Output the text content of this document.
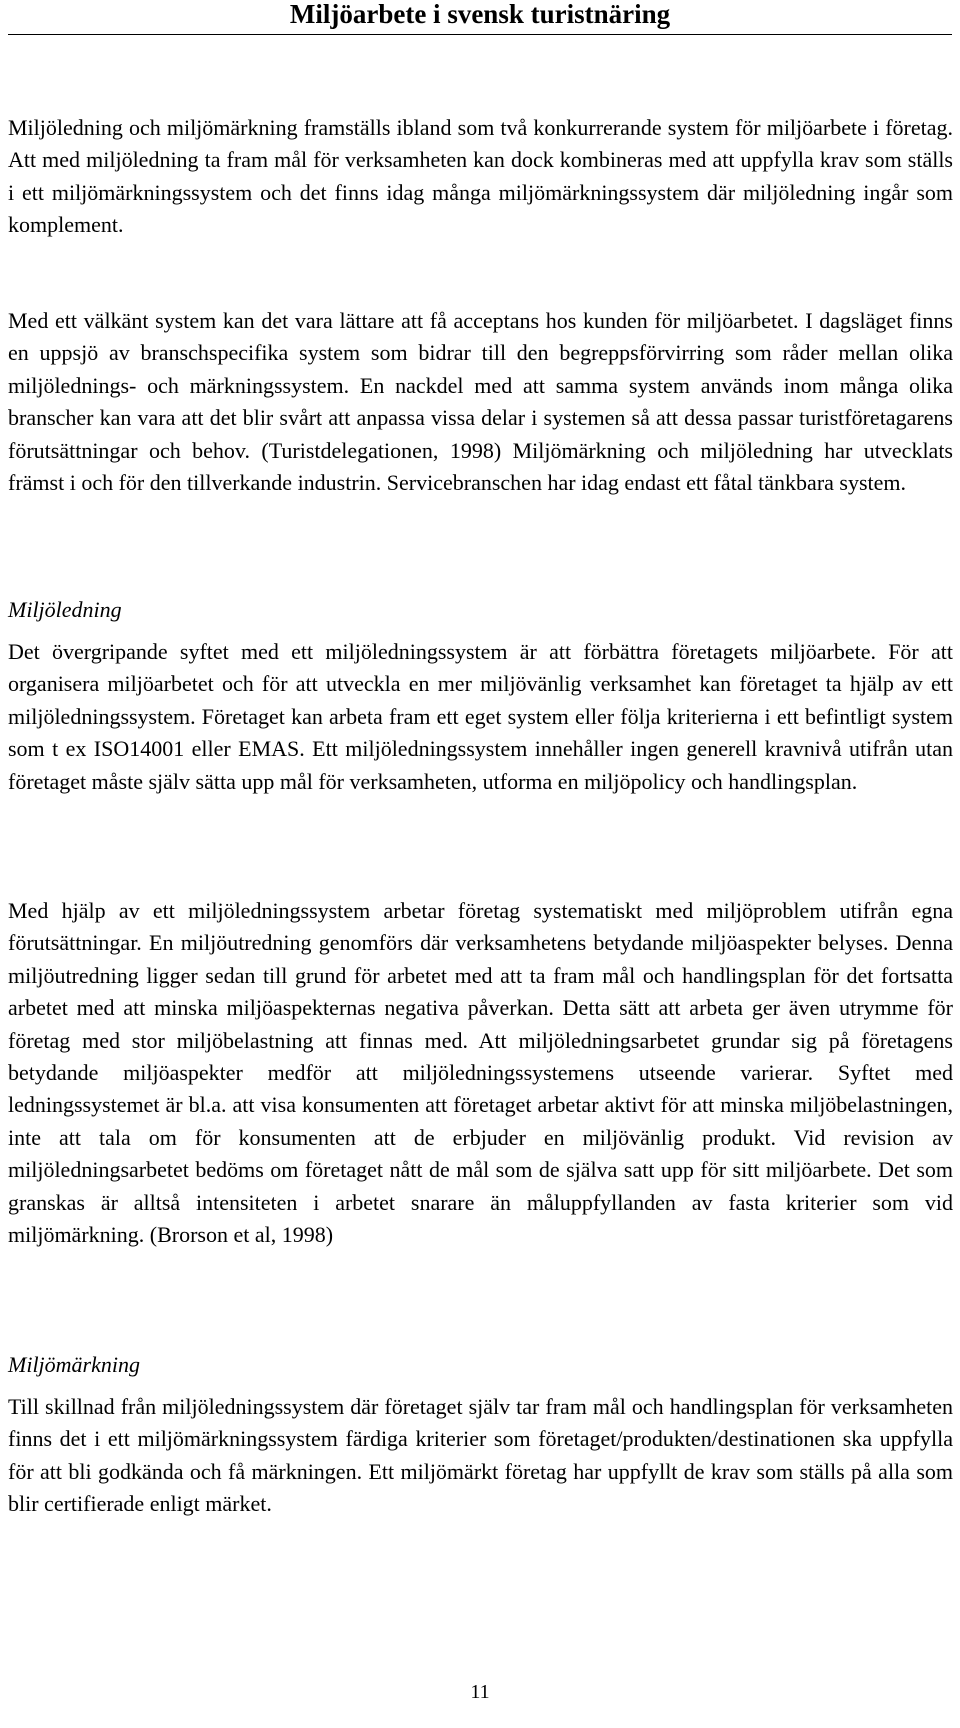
Miljöarbete i svensk turistnäring

Miljöledning och miljömärkning framställs ibland som två konkurrerande system för miljöarbete i företag. Att med miljöledning ta fram mål för verksamheten kan dock kombineras med att uppfylla krav som ställs i ett miljömärkningssystem och det finns idag många miljömärkningssystem där miljöledning ingår som komplement.

Med ett välkänt system kan det vara lättare att få acceptans hos kunden för miljöarbetet. I dagsläget finns en uppsjö av branschspecifika system som bidrar till den begreppsförvirring som råder mellan olika miljölednings- och märkningssystem. En nackdel med att samma system används inom många olika branscher kan vara att det blir svårt att anpassa vissa delar i systemen så att dessa passar turistföretagarens förutsättningar och behov. (Turistdelegationen, 1998) Miljömärkning och miljöledning har utvecklats främst i och för den tillverkande industrin. Servicebranschen har idag endast ett fåtal tänkbara system.

Miljöledning

Det övergripande syftet med ett miljöledningssystem är att förbättra företagets miljöarbete. För att organisera miljöarbetet och för att utveckla en mer miljövänlig verksamhet kan företaget ta hjälp av ett miljöledningssystem. Företaget kan arbeta fram ett eget system eller följa kriterierna i ett befintligt system som t ex ISO14001 eller EMAS. Ett miljöledningssystem innehåller ingen generell kravnivå utifrån utan företaget måste själv sätta upp mål för verksamheten, utforma en miljöpolicy och handlingsplan.

Med hjälp av ett miljöledningssystem arbetar företag systematiskt med miljöproblem utifrån egna förutsättningar. En miljöutredning genomförs där verksamhetens betydande miljöaspekter belyses. Denna miljöutredning ligger sedan till grund för arbetet med att ta fram mål och handlingsplan för det fortsatta arbetet med att minska miljöaspekternas negativa påverkan. Detta sätt att arbeta ger även utrymme för företag med stor miljöbelastning att finnas med. Att miljöledningsarbetet grundar sig på företagens betydande miljöaspekter medför att miljöledningssystemens utseende varierar. Syftet med ledningssystemet är bl.a. att visa konsumenten att företaget arbetar aktivt för att minska miljöbelastningen, inte att tala om för konsumenten att de erbjuder en miljövänlig produkt. Vid revision av miljöledningsarbetet bedöms om företaget nått de mål som de själva satt upp för sitt miljöarbete. Det som granskas är alltså intensiteten i arbetet snarare än måluppfyllanden av fasta kriterier som vid miljömärkning. (Brorson et al, 1998)

Miljömärkning

Till skillnad från miljöledningssystem där företaget själv tar fram mål och handlingsplan för verksamheten finns det i ett miljömärkningssystem färdiga kriterier som företaget/produkten/destinationen ska uppfylla för att bli godkända och få märkningen. Ett miljömärkt företag har uppfyllt de krav som ställs på alla som blir certifierade enligt märket.

11
